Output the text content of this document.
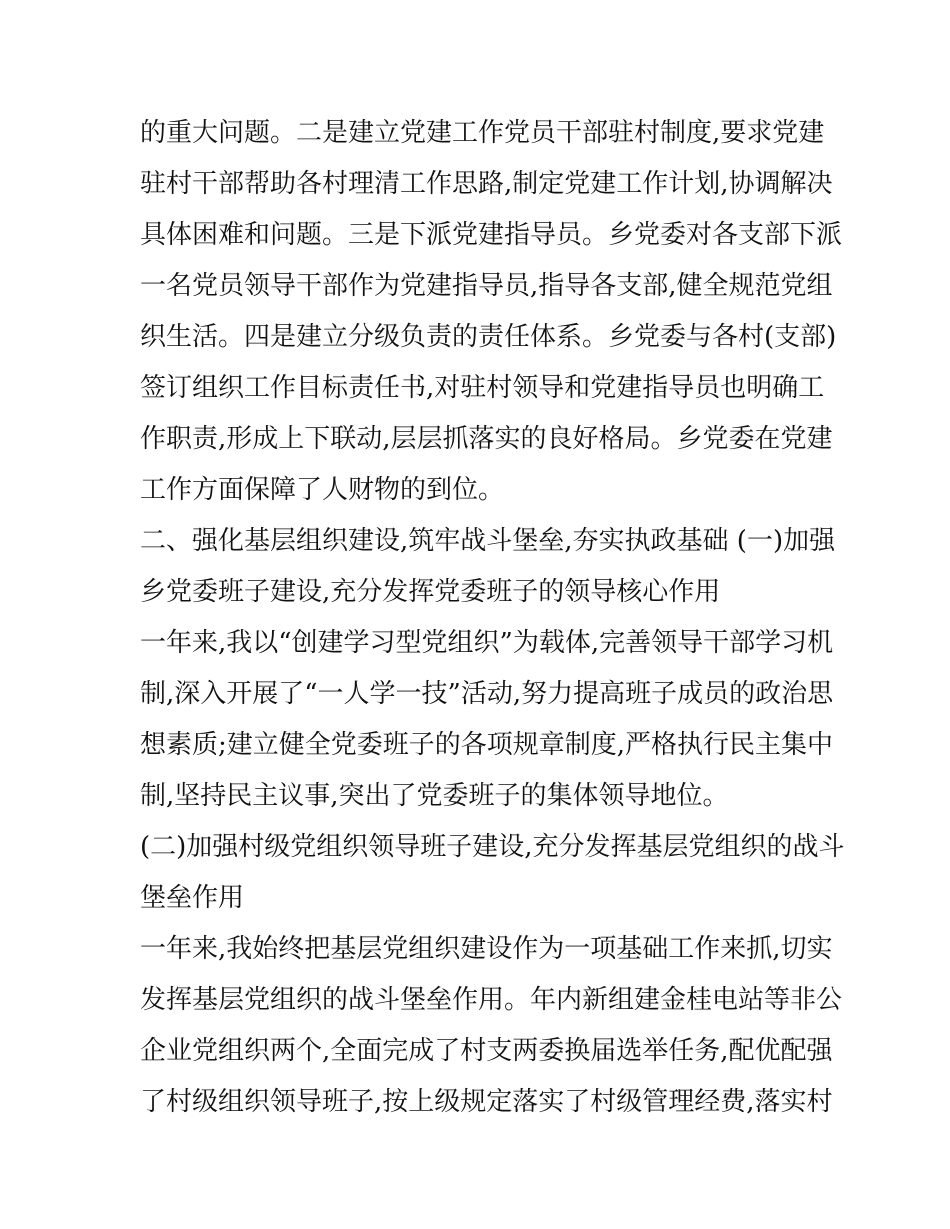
的重大问题。二是建立党建工作党员干部驻村制度,要求党建
驻村干部帮助各村理清工作思路,制定党建工作计划,协调解决
具体困难和问题。三是下派党建指导员。乡党委对各支部下派
一名党员领导干部作为党建指导员,指导各支部,健全规范党组
织生活。四是建立分级负责的责任体系。乡党委与各村(支部)
签订组织工作目标责任书,对驻村领导和党建指导员也明确工
作职责,形成上下联动,层层抓落实的良好格局。乡党委在党建
工作方面保障了人财物的到位。
二、强化基层组织建设,筑牢战斗堡垒,夯实执政基础 (一)加强
乡党委班子建设,充分发挥党委班子的领导核心作用
一年来,我以“创建学习型党组织”为载体,完善领导干部学习机
制,深入开展了“一人学一技”活动,努力提高班子成员的政治思
想素质;建立健全党委班子的各项规章制度,严格执行民主集中
制,坚持民主议事,突出了党委班子的集体领导地位。
(二)加强村级党组织领导班子建设,充分发挥基层党组织的战斗
堡垒作用
一年来,我始终把基层党组织建设作为一项基础工作来抓,切实
发挥基层党组织的战斗堡垒作用。年内新组建金桂电站等非公
企业党组织两个,全面完成了村支两委换届选举任务,配优配强
了村级组织领导班子,按上级规定落实了村级管理经费,落实村
